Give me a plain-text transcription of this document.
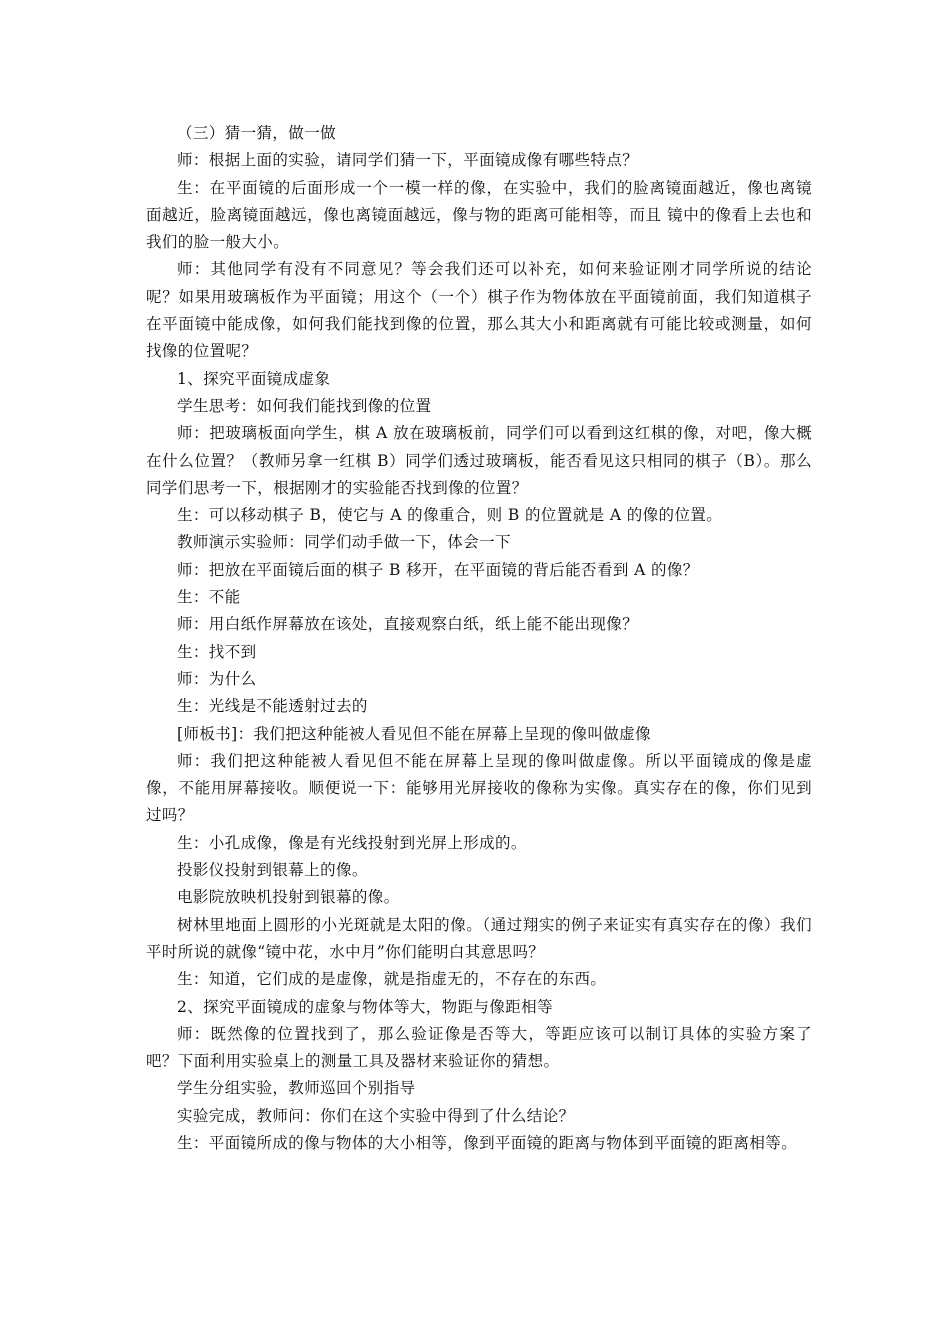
（三）猜一猜，做一做

师：根据上面的实验，请同学们猜一下，平面镜成像有哪些特点？

生：在平面镜的后面形成一个一模一样的像，在实验中，我们的脸离镜面越近，像也离镜面越近，脸离镜面越远，像也离镜面越远，像与物的距离可能相等，而且 镜中的像看上去也和我们的脸一般大小。

师：其他同学有没有不同意见？等会我们还可以补充，如何来验证刚才同学所说的结论呢？如果用玻璃板作为平面镜；用这个（一个）棋子作为物体放在平面镜前面，我们知道棋子在平面镜中能成像，如何我们能找到像的位置，那么其大小和距离就有可能比较或测量，如何找像的位置呢？

1、探究平面镜成虚象

学生思考：如何我们能找到像的位置

师：把玻璃板面向学生，棋 A 放在玻璃板前，同学们可以看到这红棋的像，对吧，像大概在什么位置？（教师另拿一红棋 B）同学们透过玻璃板，能否看见这只相同的棋子（B）。那么同学们思考一下，根据刚才的实验能否找到像的位置？

生：可以移动棋子 B，使它与 A 的像重合，则 B 的位置就是 A 的像的位置。

教师演示实验师：同学们动手做一下，体会一下

师：把放在平面镜后面的棋子 B 移开，在平面镜的背后能否看到 A 的像？

生：不能

师：用白纸作屏幕放在该处，直接观察白纸，纸上能不能出现像？

生：找不到

师：为什么

生：光线是不能透射过去的

[师板书]：我们把这种能被人看见但不能在屏幕上呈现的像叫做虚像

师：我们把这种能被人看见但不能在屏幕上呈现的像叫做虚像。所以平面镜成的像是虚像，不能用屏幕接收。顺便说一下：能够用光屏接收的像称为实像。真实存在的像，你们见到过吗？

生：小孔成像，像是有光线投射到光屏上形成的。

投影仪投射到银幕上的像。

电影院放映机投射到银幕的像。

树林里地面上圆形的小光斑就是太阳的像。（通过翔实的例子来证实有真实存在的像）我们平时所说的就像“镜中花，水中月”你们能明白其意思吗？

生：知道，它们成的是虚像，就是指虚无的，不存在的东西。

2、探究平面镜成的虚象与物体等大，物距与像距相等

师：既然像的位置找到了，那么验证像是否等大，等距应该可以制订具体的实验方案了吧？下面利用实验桌上的测量工具及器材来验证你的猜想。

学生分组实验，教师巡回个别指导

实验完成，教师问：你们在这个实验中得到了什么结论？

生：平面镜所成的像与物体的大小相等，像到平面镜的距离与物体到平面镜的距离相等。
